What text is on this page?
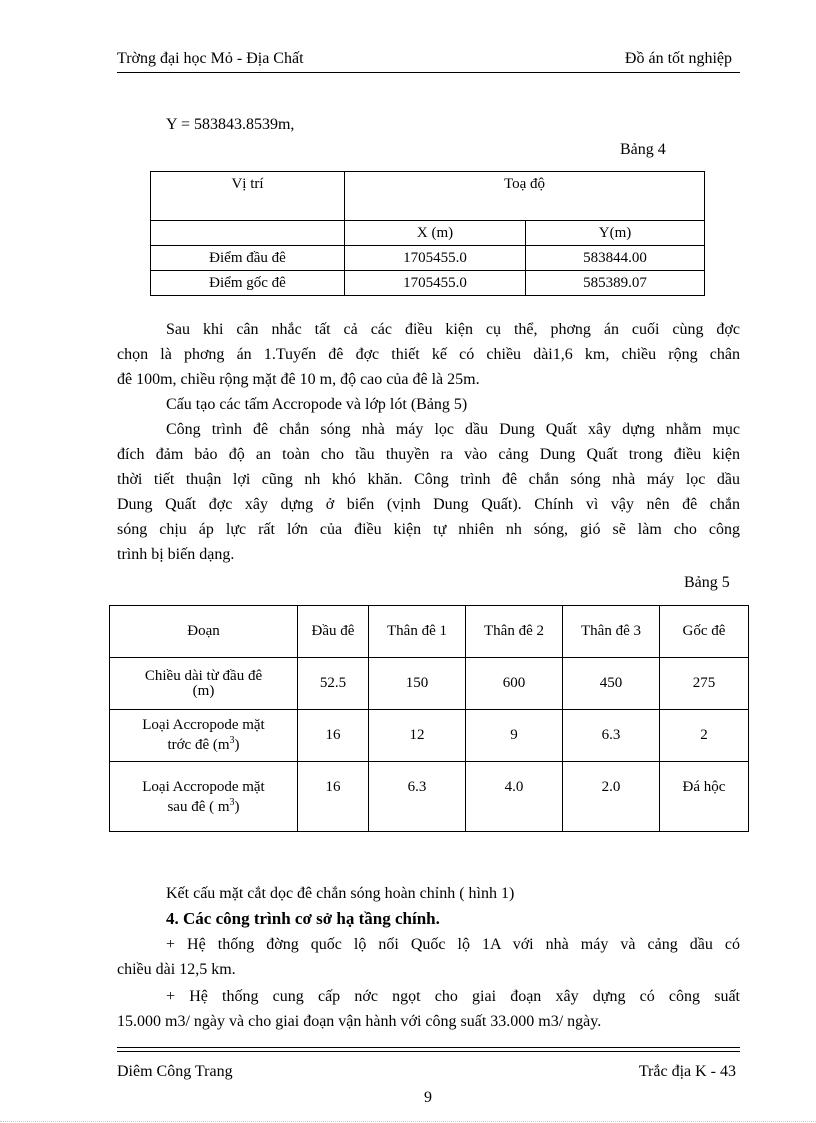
Trờng đại học Mỏ - Địa Chất	Đồ án tốt nghiệp
Y = 583843.8539m,
Bảng 4
Vị trí	Toạ độ	
	X (m)	Y(m)
Điểm đầu đê	1705455.0	583844.00
Điểm gốc đê	1705455.0	585389.07
Sau khi cân nhắc tất cả các điều kiện cụ thể, phơng án cuối cùng đợc
chọn là phơng án 1.Tuyến đê đợc thiết kế có chiều dài1,6 km, chiều rộng chân
đê 100m, chiều rộng mặt đê 10 m, độ cao của đê là 25m.
Cấu tạo các tấm Accropode và lớp lót (Bảng 5)
Công trình đê chắn sóng nhà máy lọc dầu Dung Quất xây dựng nhằm mục
đích đảm bảo độ an toàn cho tầu thuyền ra vào cảng Dung Quất trong điều kiện
thời tiết thuận lợi cũng nh khó khăn. Công trình đê chắn sóng nhà máy lọc dầu
Dung Quất đợc xây dựng ở biển (vịnh Dung Quất). Chính vì vậy nên đê chắn
sóng chịu áp lực rất lớn của điều kiện tự nhiên nh sóng, gió sẽ làm cho công
trình bị biến dạng.
Bảng 5
Đoạn	Đầu đê	Thân đê 1	Thân đê 2	Thân đê 3	Gốc đê

Chiều dài từ đầu đê
(m)	52.5	150	600	450	275

Loại Accropode mặt
trớc đê $(m^3)$	16	12	9	6.3	2

Loại Accropode mặt
sau đê ( $m^3$)	16	6.3	4.0	2.0	Đá hộc
Kết cấu mặt cắt dọc đê chắn sóng hoàn chỉnh ( hình 1)
4. Các công trình cơ sở hạ tầng chính.
+ Hệ thống đờng quốc lộ nối Quốc lộ 1A với nhà máy và cảng dầu có
chiều dài 12,5 km.
+ Hệ thống cung cấp nớc ngọt cho giai đoạn xây dựng có công suất
15.000 m3/ ngày và cho giai đoạn vận hành với công suất 33.000 m3/ ngày.
Diêm Công Trang	Trắc địa K - 43
9
